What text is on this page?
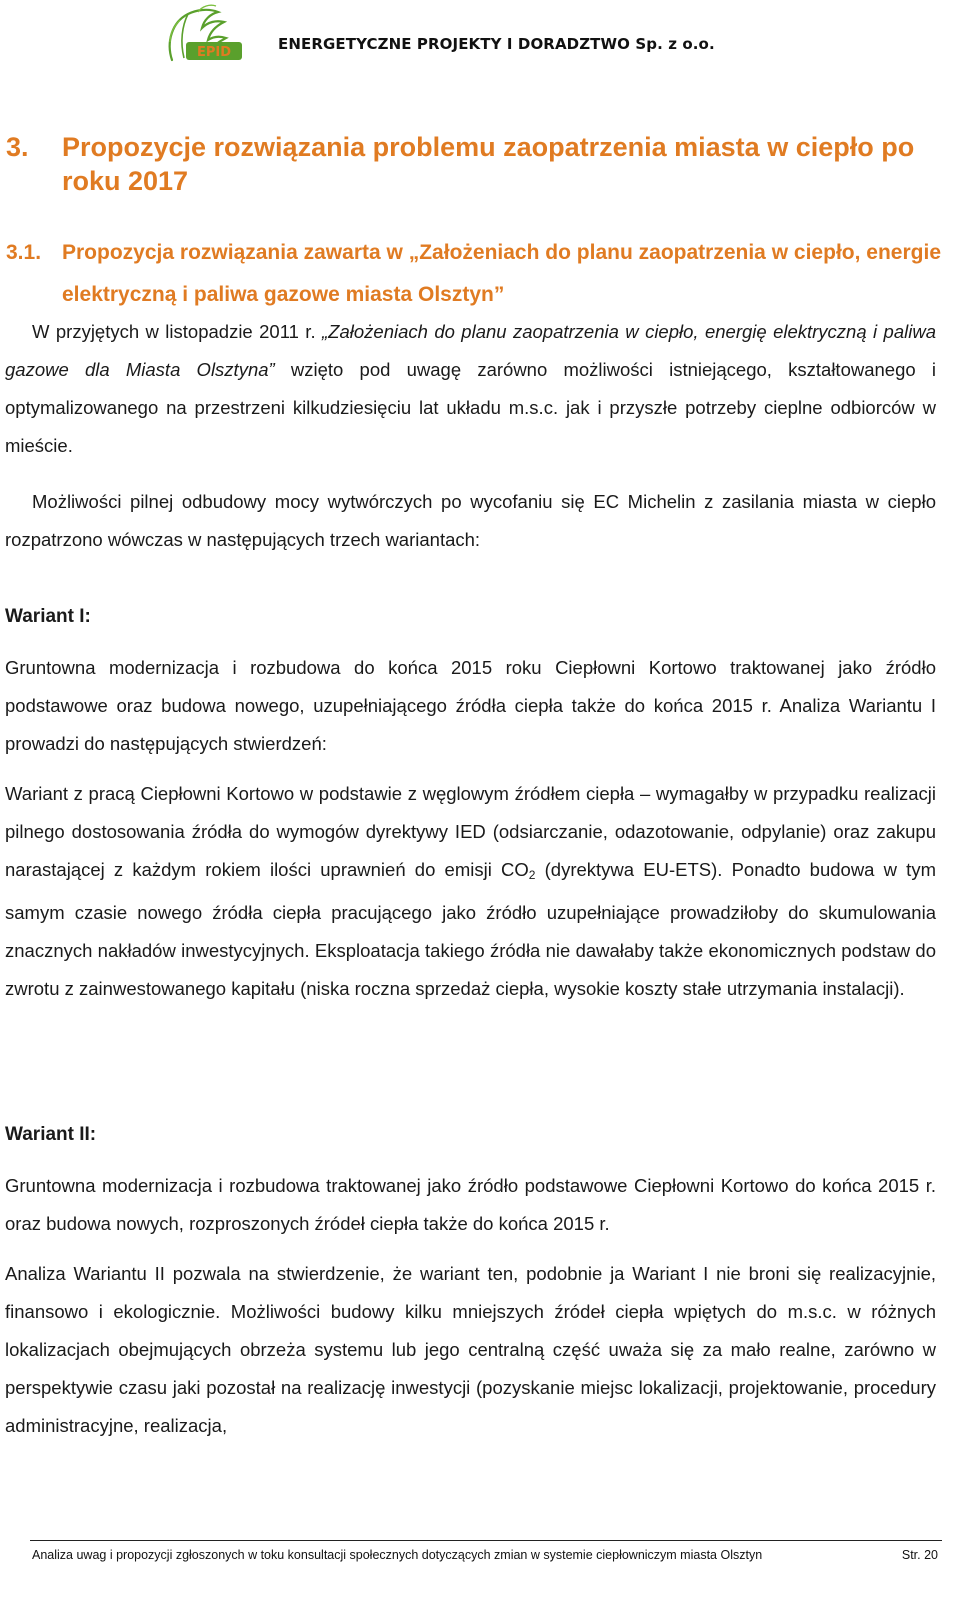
EPID	ENERGETYCZNE PROJEKTY I DORADZTWO Sp. z o.o.
3. Propozycje rozwiązania problemu zaopatrzenia miasta w ciepło po roku 2017
3.1. Propozycja rozwiązania zawarta w „Założeniach do planu zaopatrzenia w ciepło, energie elektryczną i paliwa gazowe miasta Olsztyn”
W przyjętych w listopadzie 2011 r. „Założeniach do planu zaopatrzenia w ciepło, energię elektryczną i paliwa gazowe dla Miasta Olsztyna” wzięto pod uwagę zarówno możliwości istniejącego, kształtowanego i optymalizowanego na przestrzeni kilkudziesięciu lat układu m.s.c. jak i przyszłe potrzeby cieplne odbiorców w mieście.
Możliwości pilnej odbudowy mocy wytwórczych po wycofaniu się EC Michelin z zasilania miasta w ciepło rozpatrzono wówczas w następujących trzech wariantach:
Wariant I:
Gruntowna modernizacja i rozbudowa do końca 2015 roku Ciepłowni Kortowo traktowanej jako źródło podstawowe oraz budowa nowego, uzupełniającego źródła ciepła także do końca 2015 r. Analiza Wariantu I prowadzi do następujących stwierdzeń:
Wariant z pracą Ciepłowni Kortowo w podstawie z węglowym źródłem ciepła – wymagałby w przypadku realizacji pilnego dostosowania źródła do wymogów dyrektywy IED (odsiarczanie, odazotowanie, odpylanie) oraz zakupu narastającej z każdym rokiem ilości uprawnień do emisji $CO_2$ (dyrektywa EU-ETS). Ponadto budowa w tym samym czasie nowego źródła ciepła pracującego jako źródło uzupełniające prowadziłoby do skumulowania znacznych nakładów inwestycyjnych. Eksploatacja takiego źródła nie dawałaby także ekonomicznych podstaw do zwrotu z zainwestowanego kapitału (niska roczna sprzedaż ciepła, wysokie koszty stałe utrzymania instalacji).
Wariant II:
Gruntowna modernizacja i rozbudowa traktowanej jako źródło podstawowe Ciepłowni Kortowo do końca 2015 r. oraz budowa nowych, rozproszonych źródeł ciepła także do końca 2015 r.
Analiza Wariantu II pozwala na stwierdzenie, że wariant ten, podobnie ja Wariant I nie broni się realizacyjnie, finansowo i ekologicznie. Możliwości budowy kilku mniejszych źródeł ciepła wpiętych do m.s.c. w różnych lokalizacjach obejmujących obrzeża systemu lub jego centralną część uważa się za mało realne, zarówno w perspektywie czasu jaki pozostał na realizację inwestycji (pozyskanie miejsc lokalizacji, projektowanie, procedury administracyjne, realizacja,
Analiza uwag i propozycji zgłoszonych w toku konsultacji społecznych dotyczących zmian w systemie ciepłowniczym miasta Olsztyn	Str. 20
